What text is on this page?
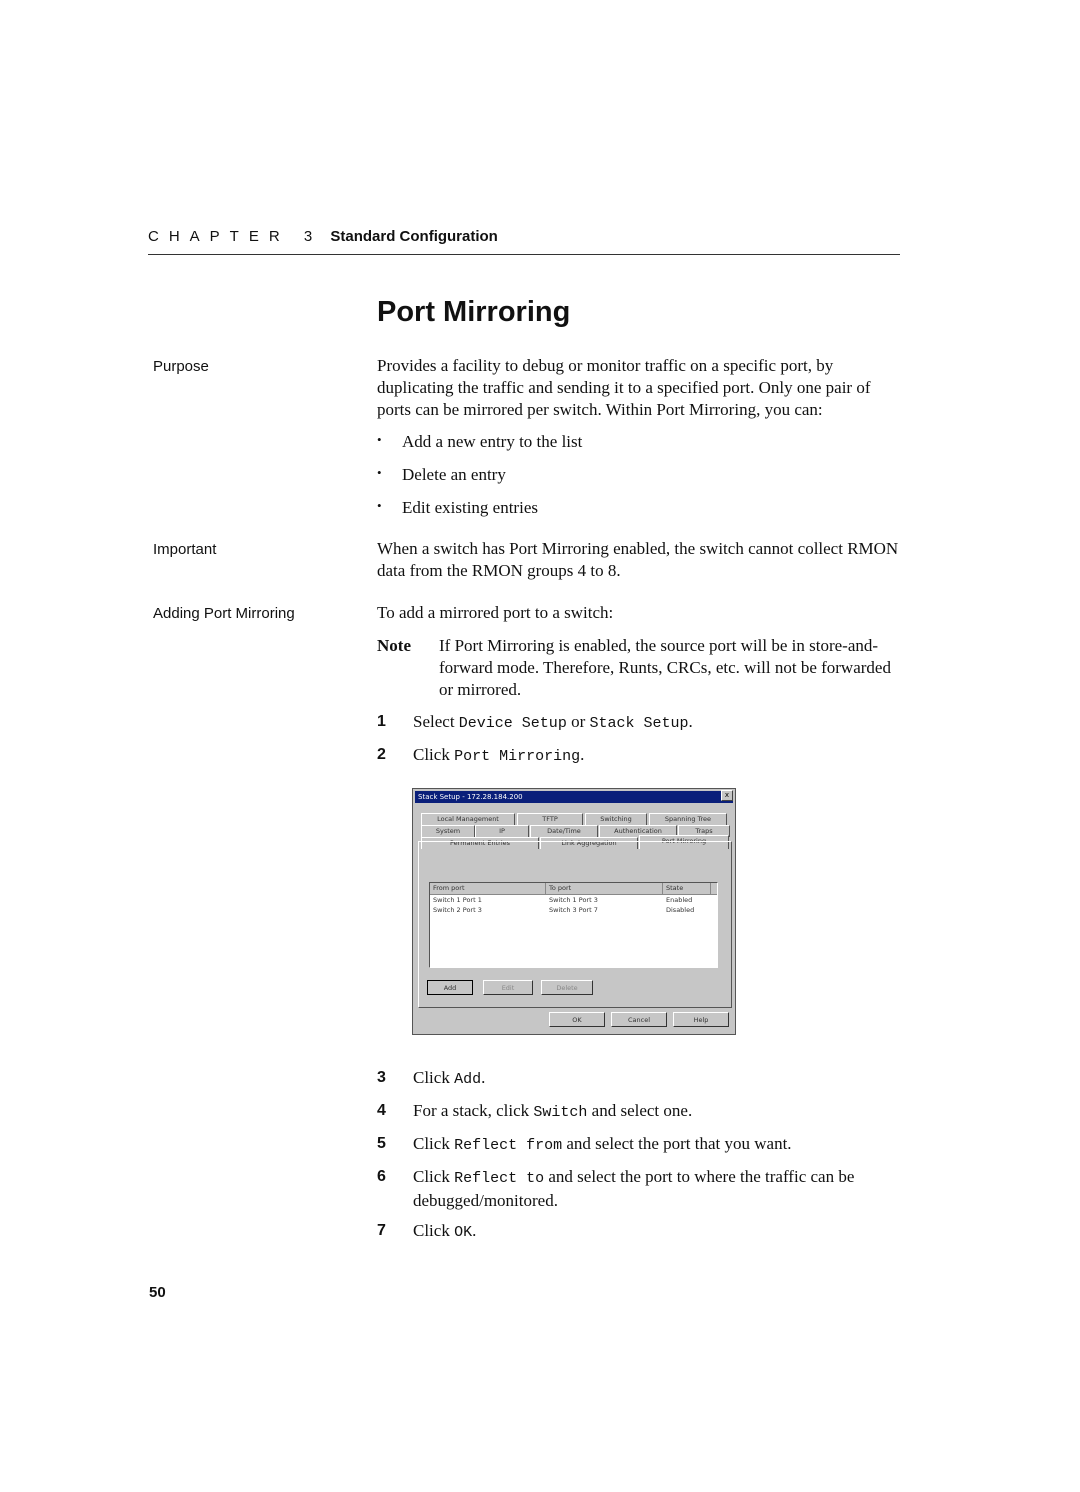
CHAPTER 3 Standard Configuration
Port Mirroring
Purpose	Provides a facility to debug or monitor traffic on a specific port, by duplicating the traffic and sending it to a specified port. Only one pair of ports can be mirrored per switch. Within Port Mirroring, you can:
• Add a new entry to the list
• Delete an entry
• Edit existing entries
Important	When a switch has Port Mirroring enabled, the switch cannot collect RMON data from the RMON groups 4 to 8.
Adding Port Mirroring	To add a mirrored port to a switch:
Note If Port Mirroring is enabled, the source port will be in store-and-forward mode. Therefore, Runts, CRCs, etc. will not be forwarded or mirrored.
1 Select Device Setup or Stack Setup.
2 Click Port Mirroring.
Stack Setup - 172.28.184.200	x
Local Management	TFTP	Switching	Spanning Tree
System	IP	Date/Time	Authentication	Traps
Permanent Entries	Link Aggregation	Port Mirroring
From port	To port	State
Switch 1 Port 1	Switch 1 Port 3	Enabled
Switch 2 Port 3	Switch 3 Port 7	Disabled
Add	Edit	Delete
OK	Cancel	Help
3 Click Add.
4 For a stack, click Switch and select one.
5 Click Reflect from and select the port that you want.
6 Click Reflect to and select the port to where the traffic can be debugged/monitored.
7 Click OK.
50
